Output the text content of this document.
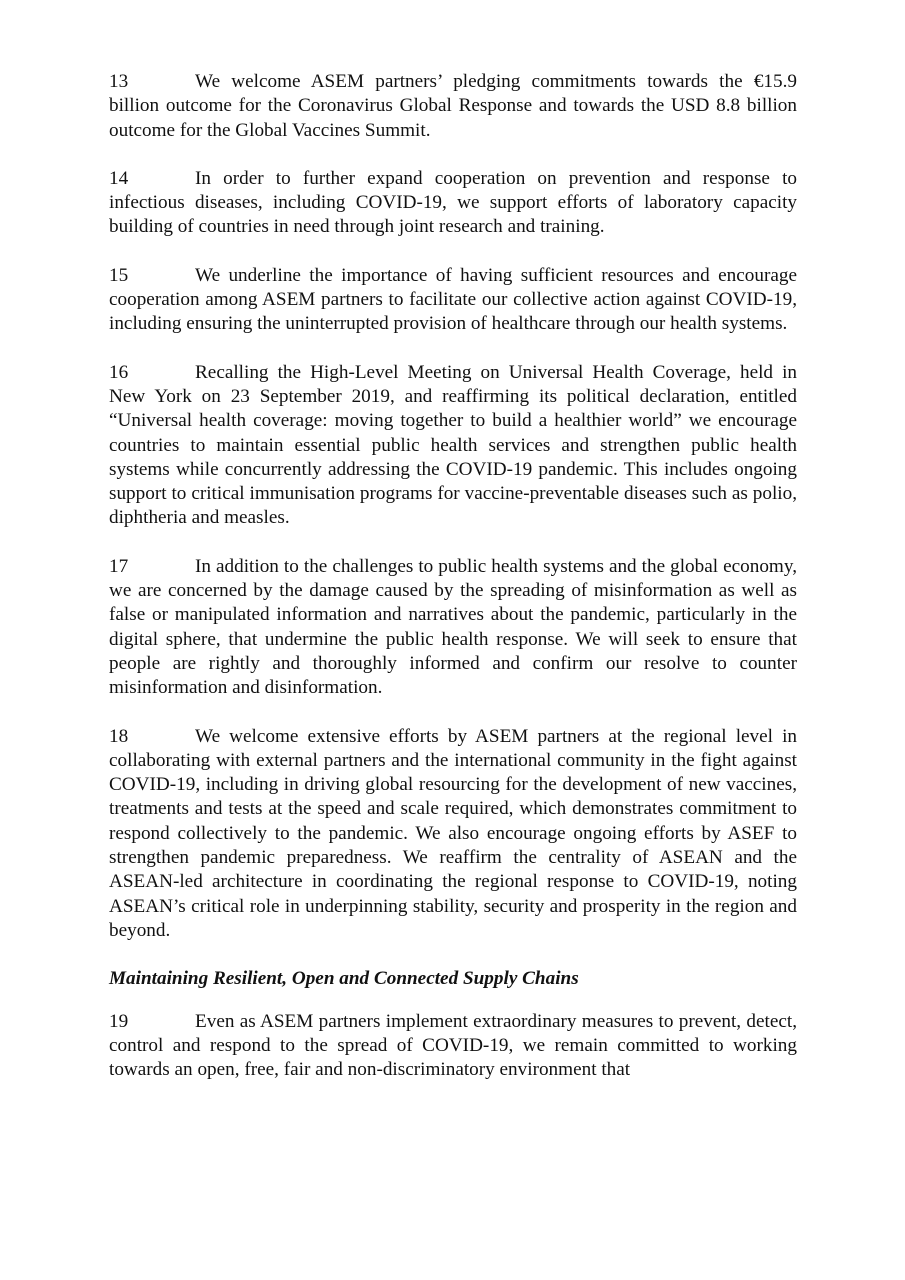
13	We welcome ASEM partners’ pledging commitments towards the €15.9 billion outcome for the Coronavirus Global Response and towards the USD 8.8 billion outcome for the Global Vaccines Summit.

14	In order to further expand cooperation on prevention and response to infectious diseases, including COVID-19, we support efforts of laboratory capacity building of countries in need through joint research and training.

15	We underline the importance of having sufficient resources and encourage cooperation among ASEM partners to facilitate our collective action against COVID-19, including ensuring the uninterrupted provision of healthcare through our health systems.

16	Recalling the High-Level Meeting on Universal Health Coverage, held in New York on 23 September 2019, and reaffirming its political declaration, entitled “Universal health coverage: moving together to build a healthier world” we encourage countries to maintain essential public health services and strengthen public health systems while concurrently addressing the COVID-19 pandemic. This includes ongoing support to critical immunisation programs for vaccine-preventable diseases such as polio, diphtheria and measles.

17	In addition to the challenges to public health systems and the global economy, we are concerned by the damage caused by the spreading of misinformation as well as false or manipulated information and narratives about the pandemic, particularly in the digital sphere, that undermine the public health response. We will seek to ensure that people are rightly and thoroughly informed and confirm our resolve to counter misinformation and disinformation.

18	We welcome extensive efforts by ASEM partners at the regional level in collaborating with external partners and the international community in the fight against COVID-19, including in driving global resourcing for the development of new vaccines, treatments and tests at the speed and scale required, which demonstrates commitment to respond collectively to the pandemic. We also encourage ongoing efforts by ASEF to strengthen pandemic preparedness. We reaffirm the centrality of ASEAN and the ASEAN-led architecture in coordinating the regional response to COVID-19, noting ASEAN’s critical role in underpinning stability, security and prosperity in the region and beyond.

Maintaining Resilient, Open and Connected Supply Chains

19	Even as ASEM partners implement extraordinary measures to prevent, detect, control and respond to the spread of COVID-19, we remain committed to working towards an open, free, fair and non-discriminatory environment that
